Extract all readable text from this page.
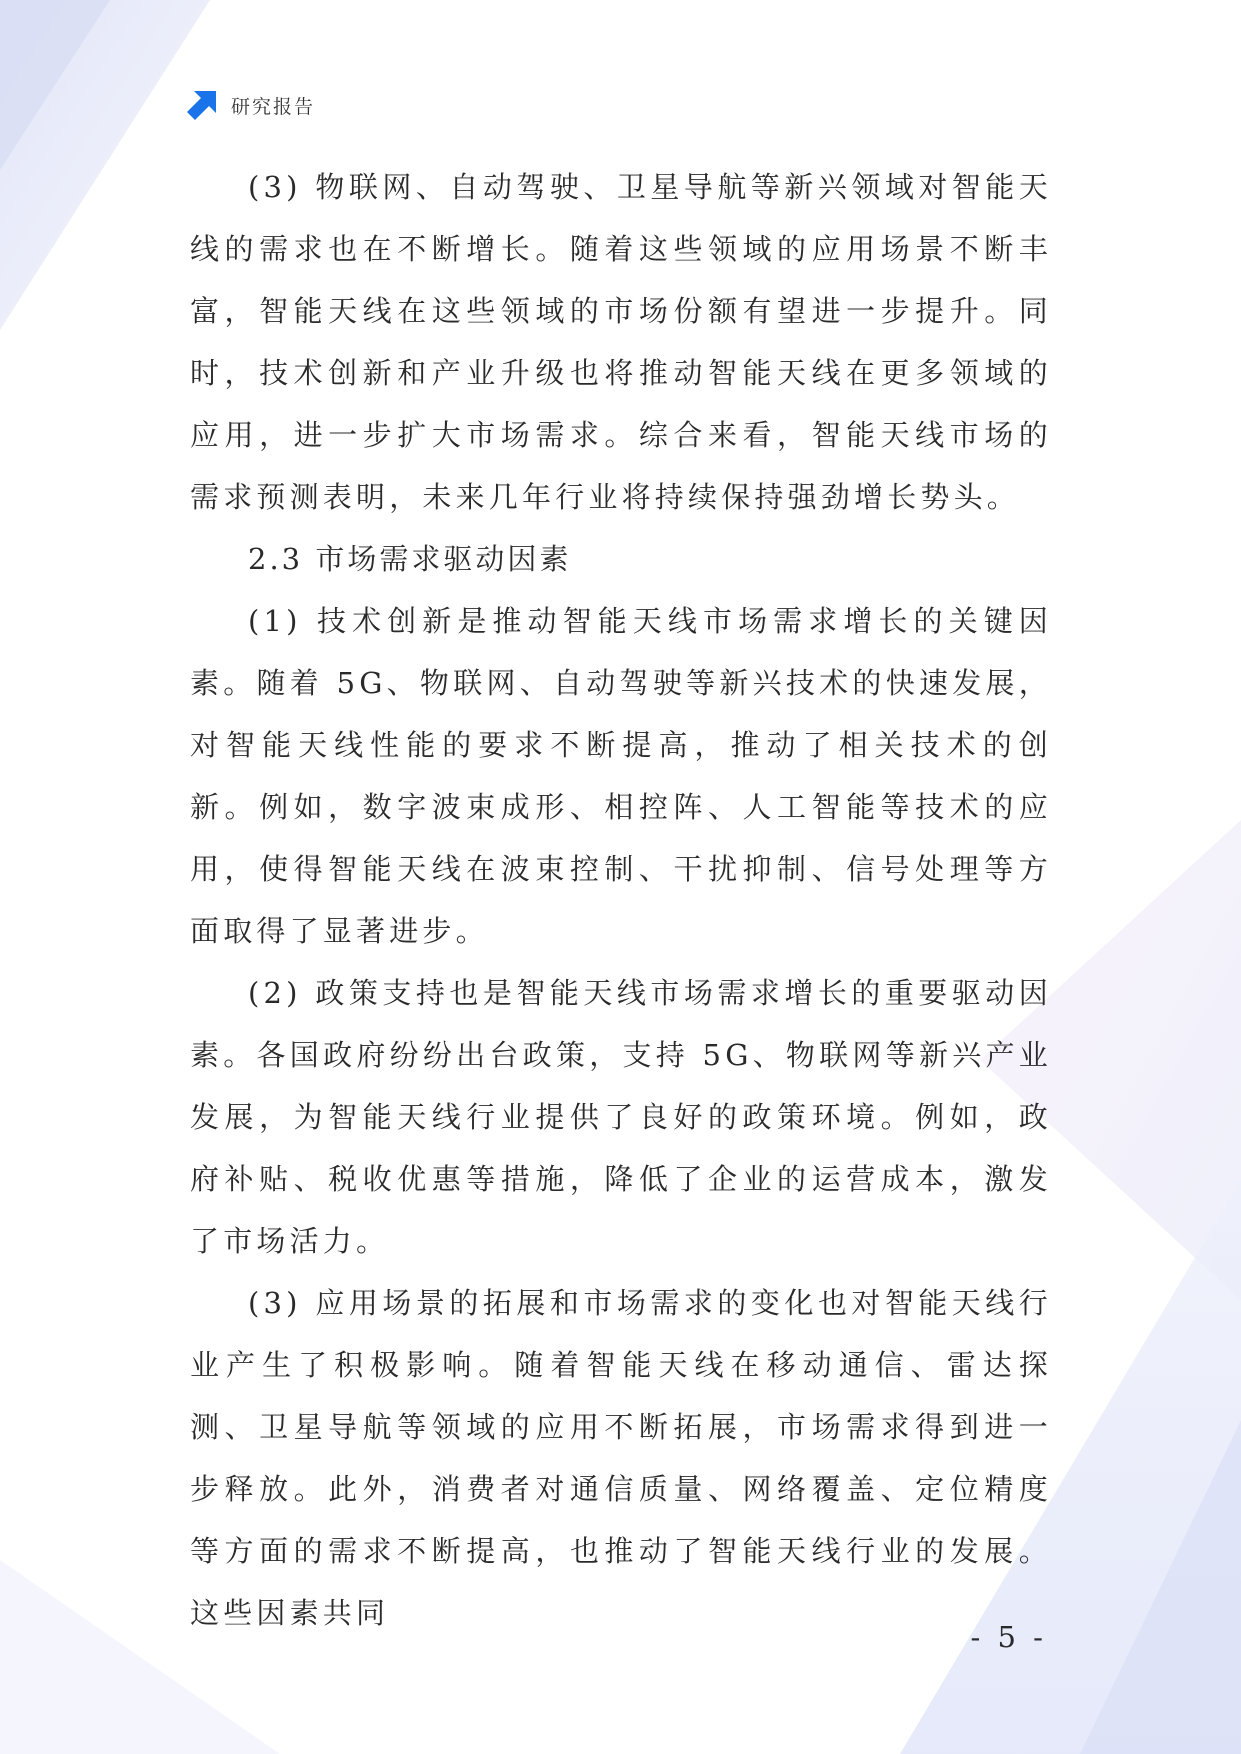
研究报告

(3) 物联网、自动驾驶、卫星导航等新兴领域对智能天线的需求也在不断增长。随着这些领域的应用场景不断丰富，智能天线在这些领域的市场份额有望进一步提升。同时，技术创新和产业升级也将推动智能天线在更多领域的应用，进一步扩大市场需求。综合来看，智能天线市场的需求预测表明，未来几年行业将持续保持强劲增长势头。

2.3 市场需求驱动因素

(1) 技术创新是推动智能天线市场需求增长的关键因素。随着 5G、物联网、自动驾驶等新兴技术的快速发展，对智能天线性能的要求不断提高，推动了相关技术的创新。例如，数字波束成形、相控阵、人工智能等技术的应用，使得智能天线在波束控制、干扰抑制、信号处理等方面取得了显著进步。

(2) 政策支持也是智能天线市场需求增长的重要驱动因素。各国政府纷纷出台政策，支持 5G、物联网等新兴产业发展，为智能天线行业提供了良好的政策环境。例如，政府补贴、税收优惠等措施，降低了企业的运营成本，激发了市场活力。

(3) 应用场景的拓展和市场需求的变化也对智能天线行业产生了积极影响。随着智能天线在移动通信、雷达探测、卫星导航等领域的应用不断拓展，市场需求得到进一步释放。此外，消费者对通信质量、网络覆盖、定位精度等方面的需求不断提高，也推动了智能天线行业的发展。这些因素共同

- 5 -
